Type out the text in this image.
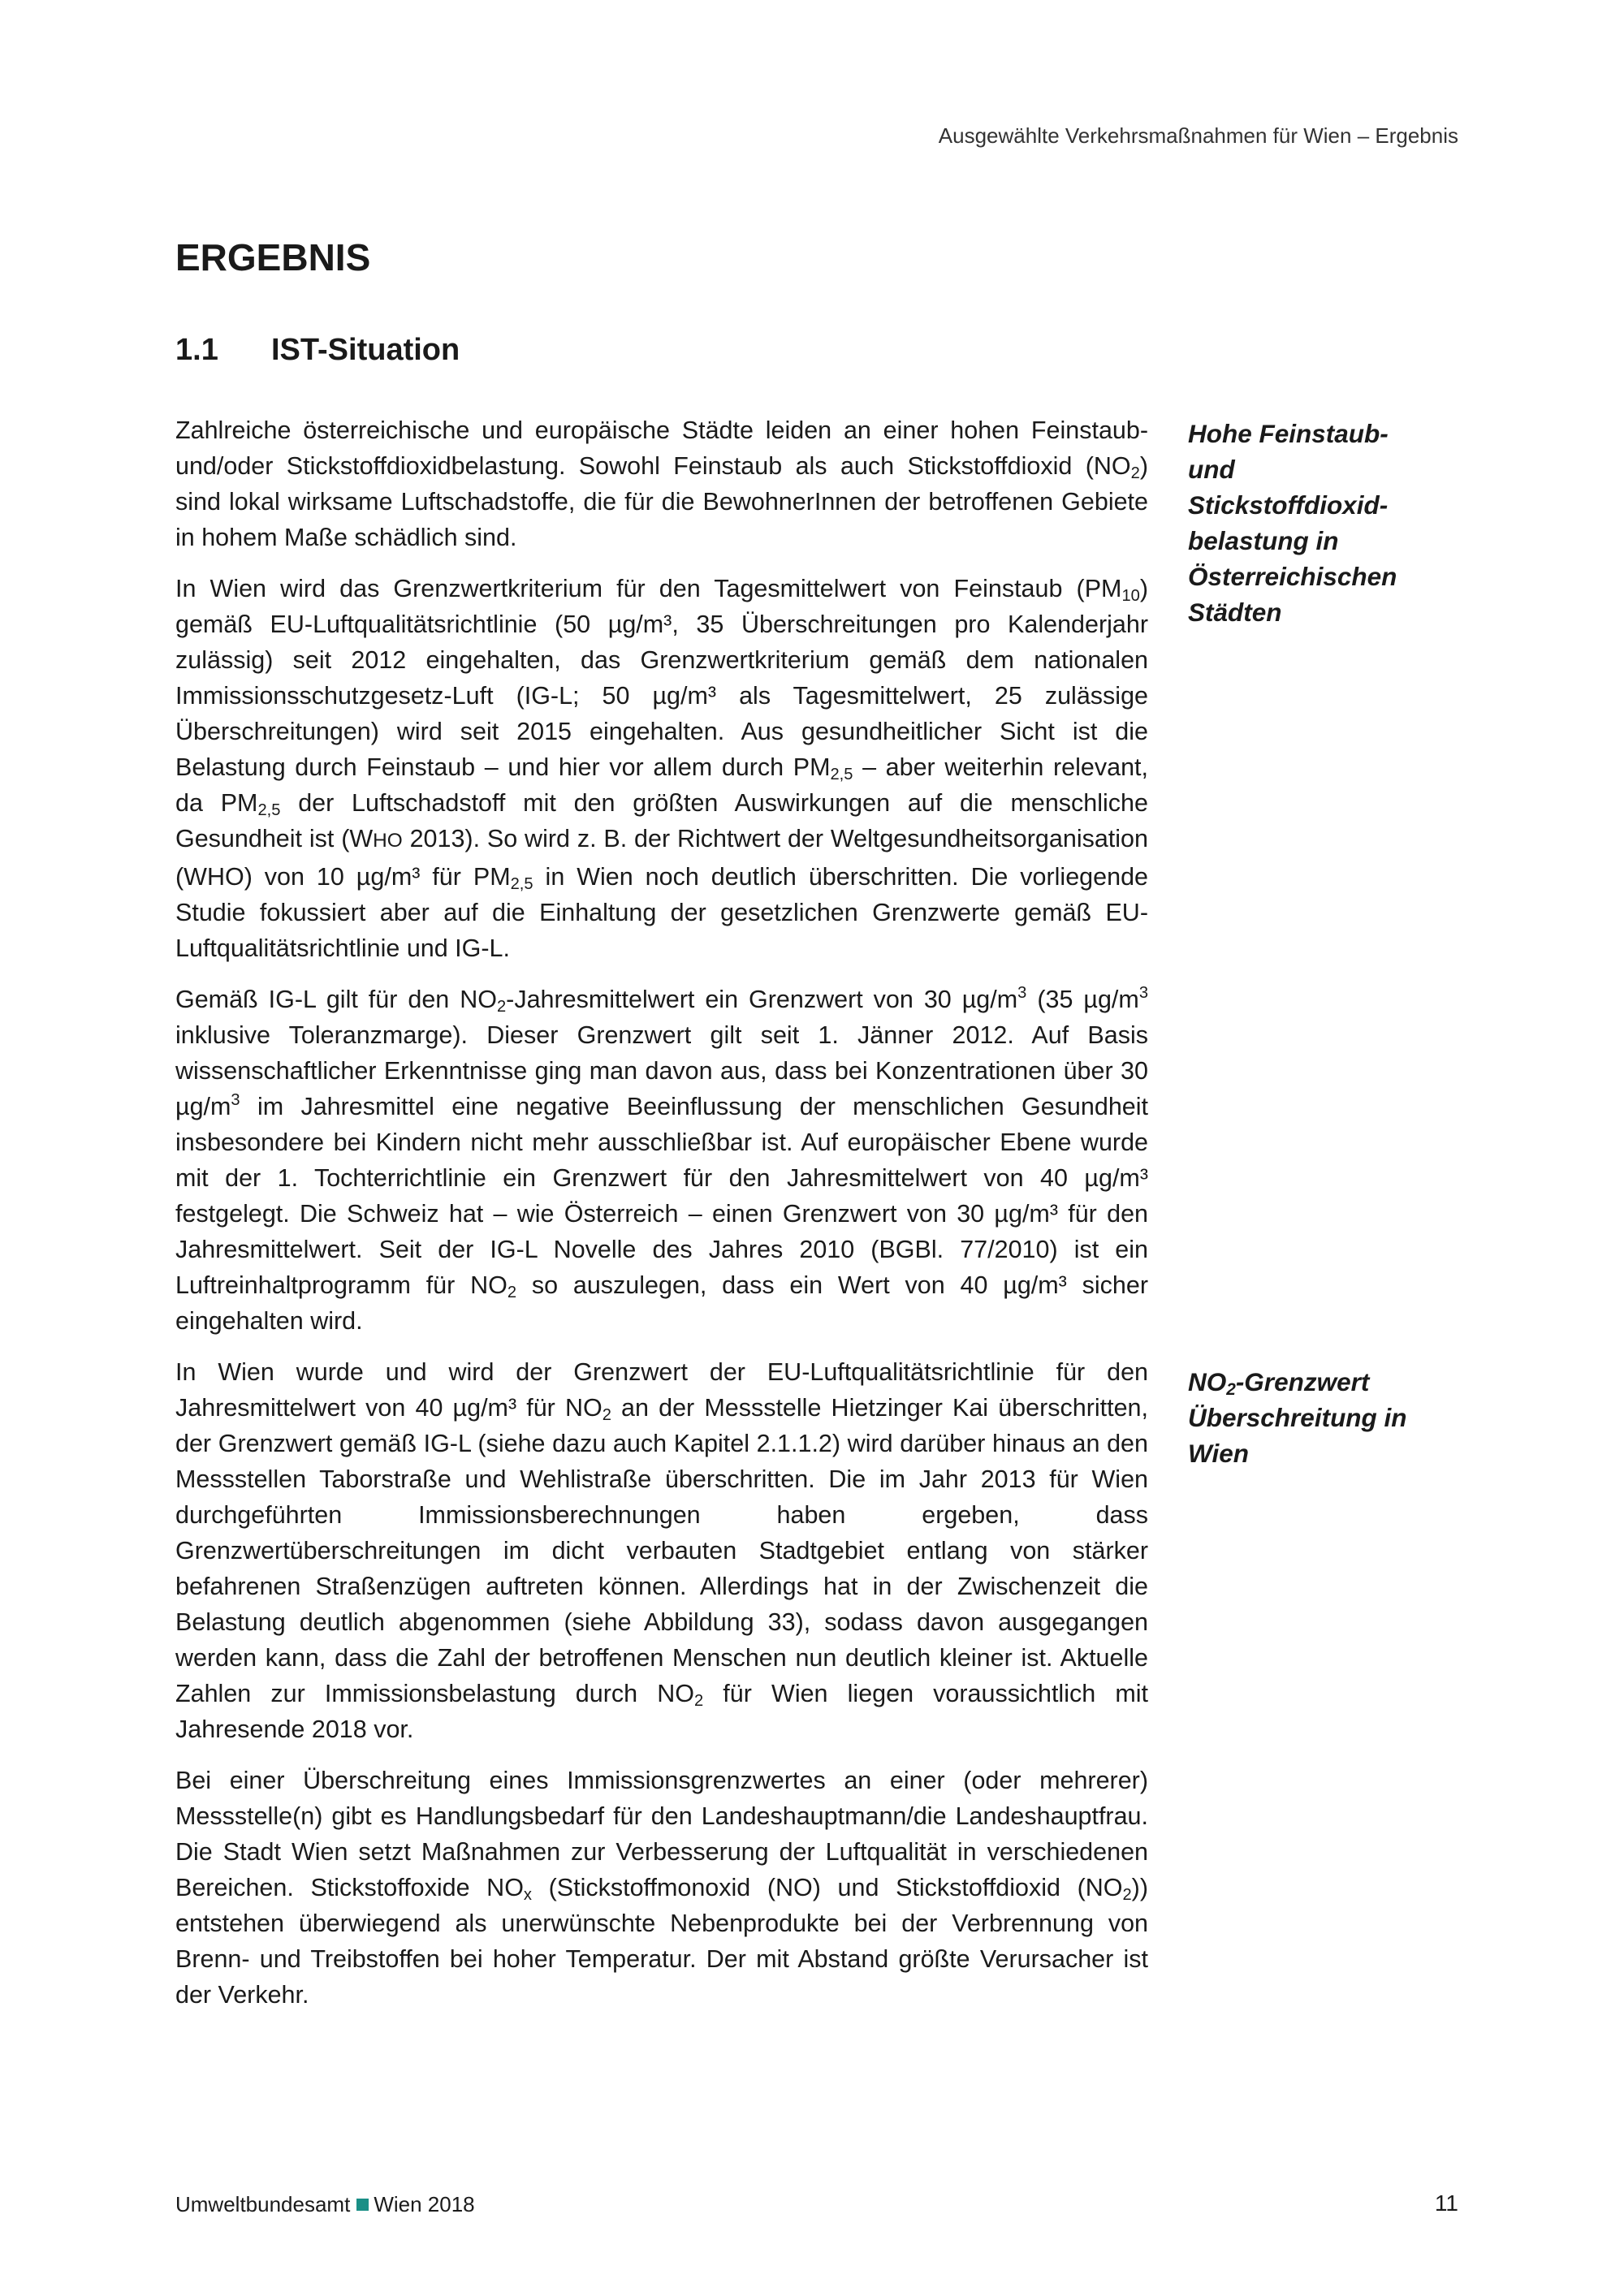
Ausgewählte Verkehrsmaßnahmen für Wien – Ergebnis
ERGEBNIS
1.1 IST-Situation

Zahlreiche österreichische und europäische Städte leiden an einer hohen Feinstaub- und/oder Stickstoffdioxidbelastung. Sowohl Feinstaub als auch Stickstoffdioxid $(NO_2)$ sind lokal wirksame Luftschadstoffe, die für die BewohnerInnen der betroffenen Gebiete in hohem Maße schädlich sind.

In Wien wird das Grenzwertkriterium für den Tagesmittelwert von Feinstaub $(PM_{10})$ gemäß EU-Luftqualitätsrichtlinie (50 µg/m³, 35 Überschreitungen pro Kalenderjahr zulässig) seit 2012 eingehalten, das Grenzwertkriterium gemäß dem nationalen Immissionsschutzgesetz-Luft (IG-L; 50 µg/m³ als Tagesmittelwert, 25 zulässige Überschreitungen) wird seit 2015 eingehalten. Aus gesundheitlicher Sicht ist die Belastung durch Feinstaub – und hier vor allem durch $PM_{2,5}$ – aber weiterhin relevant, da $PM_{2,5}$ der Luftschadstoff mit den größten Auswirkungen auf die menschliche Gesundheit ist (WHO 2013). So wird z. B. der Richtwert der Weltgesundheitsorganisation (WHO) von 10 µg/m³ für $PM_{2,5}$ in Wien noch deutlich überschritten. Die vorliegende Studie fokussiert aber auf die Einhaltung der gesetzlichen Grenzwerte gemäß EU-Luftqualitätsrichtlinie und IG-L.

Gemäß IG-L gilt für den $NO_2$-Jahresmittelwert ein Grenzwert von 30 $\mu g/m^3$ (35 $\mu g/m^3$ inklusive Toleranzmarge). Dieser Grenzwert gilt seit 1. Jänner 2012. Auf Basis wissenschaftlicher Erkenntnisse ging man davon aus, dass bei Konzentrationen über 30 $\mu g/m^3$ im Jahresmittel eine negative Beeinflussung der menschlichen Gesundheit insbesondere bei Kindern nicht mehr ausschließbar ist. Auf europäischer Ebene wurde mit der 1. Tochterrichtlinie ein Grenzwert für den Jahresmittelwert von 40 µg/m³ festgelegt. Die Schweiz hat – wie Österreich – einen Grenzwert von 30 µg/m³ für den Jahresmittelwert. Seit der IG-L Novelle des Jahres 2010 (BGBl. 77/2010) ist ein Luftreinhaltprogramm für $NO_2$ so auszulegen, dass ein Wert von 40 µg/m³ sicher eingehalten wird.

In Wien wurde und wird der Grenzwert der EU-Luftqualitätsrichtlinie für den Jahresmittelwert von 40 µg/m³ für $NO_2$ an der Messstelle Hietzinger Kai überschritten, der Grenzwert gemäß IG-L (siehe dazu auch Kapitel 2.1.1.2) wird darüber hinaus an den Messstellen Taborstraße und Wehlistraße überschritten. Die im Jahr 2013 für Wien durchgeführten Immissionsberechnungen haben ergeben, dass Grenzwertüberschreitungen im dicht verbauten Stadtgebiet entlang von stärker befahrenen Straßenzügen auftreten können. Allerdings hat in der Zwischenzeit die Belastung deutlich abgenommen (siehe Abbildung 33), sodass davon ausgegangen werden kann, dass die Zahl der betroffenen Menschen nun deutlich kleiner ist. Aktuelle Zahlen zur Immissionsbelastung durch $NO_2$ für Wien liegen voraussichtlich mit Jahresende 2018 vor.

Bei einer Überschreitung eines Immissionsgrenzwertes an einer (oder mehrerer) Messstelle(n) gibt es Handlungsbedarf für den Landeshauptmann/die Landeshauptfrau. Die Stadt Wien setzt Maßnahmen zur Verbesserung der Luftqualität in verschiedenen Bereichen. Stickstoffoxide $NO_x$ (Stickstoffmonoxid (NO) und Stickstoffdioxid $(NO_2)$) entstehen überwiegend als unerwünschte Nebenprodukte bei der Verbrennung von Brenn- und Treibstoffen bei hoher Temperatur. Der mit Abstand größte Verursacher ist der Verkehr.

Hohe Feinstaub-
und
Stickstoffdioxid-
belastung in
Österreichischen
Städten
$NO_2$-Grenzwert
Überschreitung in
Wien
Umweltbundesamt Wien 2018	11
